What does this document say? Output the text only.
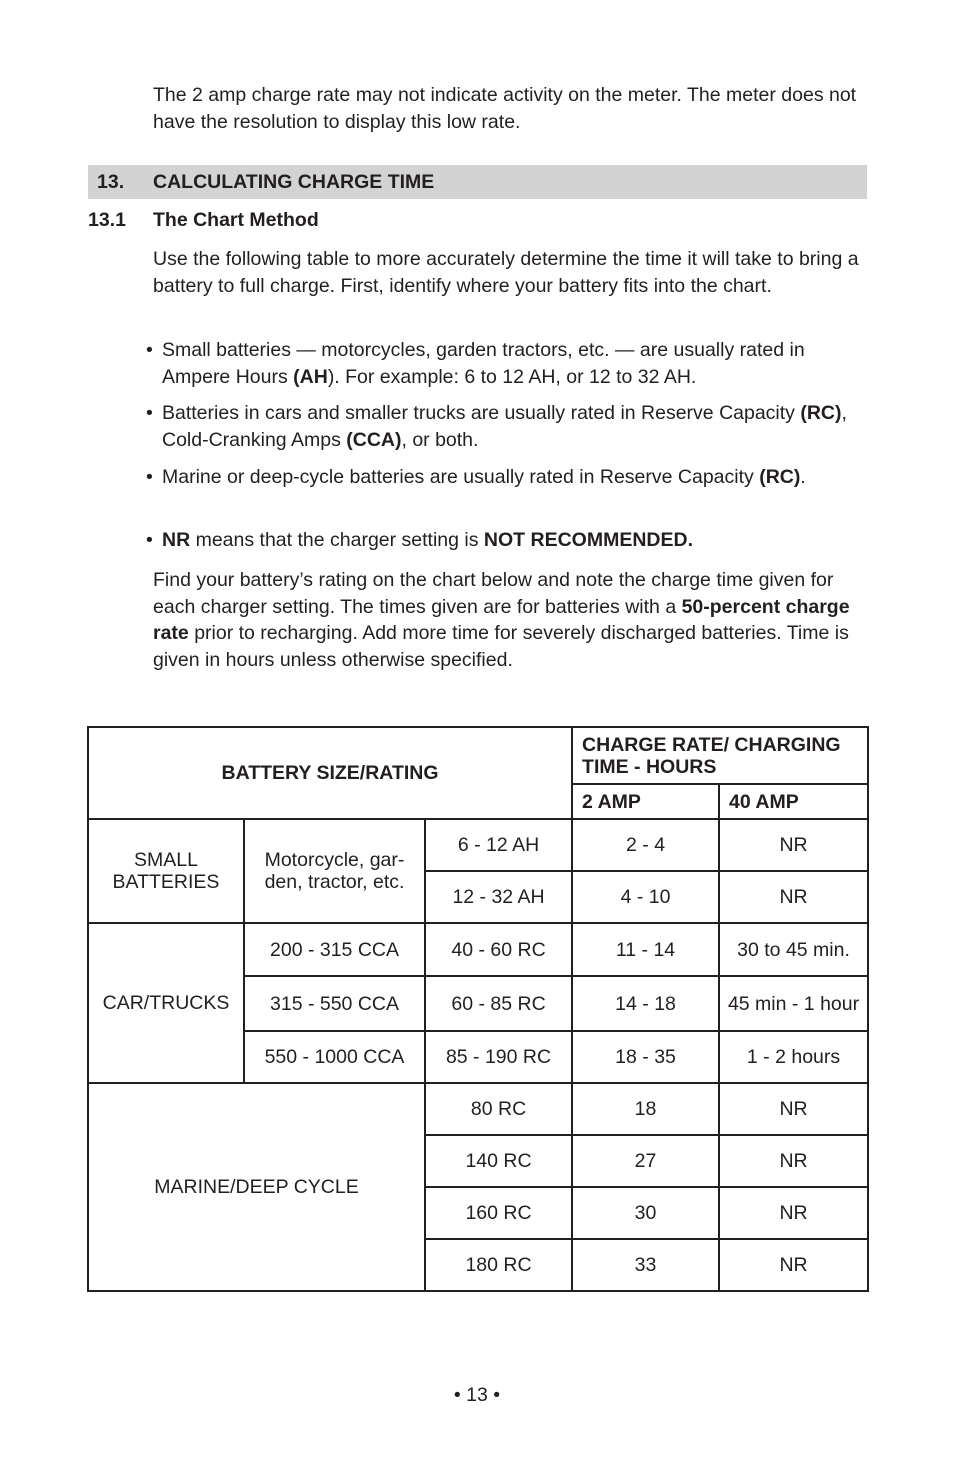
The 2 amp charge rate may not indicate activity on the meter. The meter does not have the resolution to display this low rate.

13. CALCULATING CHARGE TIME
13.1 The Chart Method

Use the following table to more accurately determine the time it will take to bring a battery to full charge. First, identify where your battery fits into the chart.

• Small batteries — motorcycles, garden tractors, etc. — are usually rated in Ampere Hours (AH). For example: 6 to 12 AH, or 12 to 32 AH.
• Batteries in cars and smaller trucks are usually rated in Reserve Capacity (RC), Cold-Cranking Amps (CCA), or both.
• Marine or deep-cycle batteries are usually rated in Reserve Capacity (RC).
• NR means that the charger setting is NOT RECOMMENDED.

Find your battery’s rating on the chart below and note the charge time given for each charger setting. The times given are for batteries with a 50-percent charge rate prior to recharging. Add more time for severely discharged batteries. Time is given in hours unless otherwise specified.

BATTERY SIZE/RATING			CHARGE RATE/ CHARGING TIME - HOURS	
			2 AMP	40 AMP
SMALL BATTERIES	Motorcycle, gar- den, tractor, etc.	6 - 12 AH	2 - 4	NR
		12 - 32 AH	4 - 10	NR
CAR/TRUCKS	200 - 315 CCA	40 - 60 RC	11 - 14	30 to 45 min.
	315 - 550 CCA	60 - 85 RC	14 - 18	45 min - 1 hour
	550 - 1000 CCA	85 - 190 RC	18 - 35	1 - 2 hours
MARINE/DEEP CYCLE		80 RC	18	NR
		140 RC	27	NR
		160 RC	30	NR
		180 RC	33	NR
• 13 •
